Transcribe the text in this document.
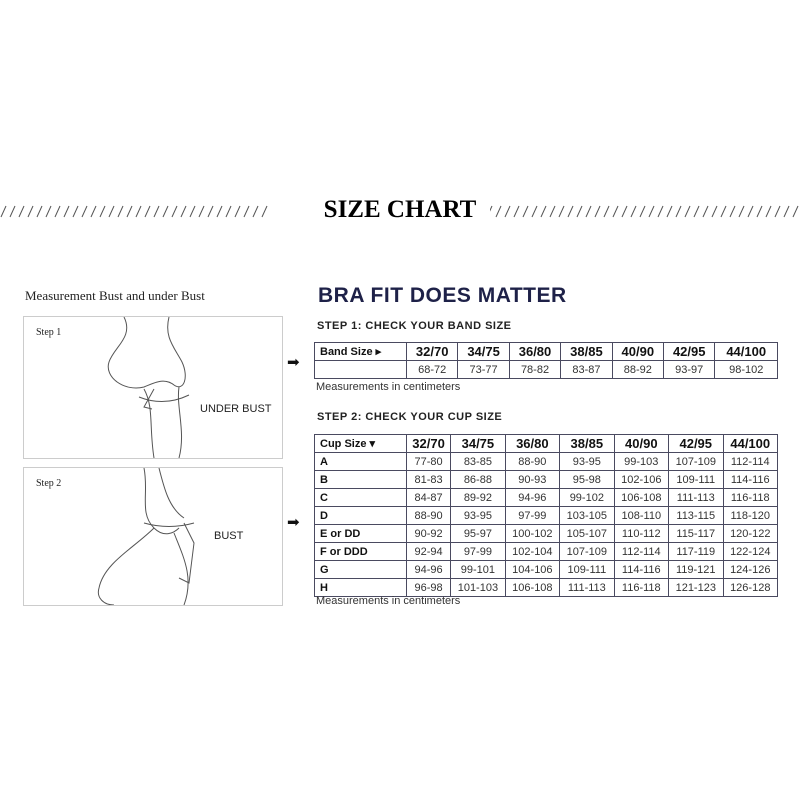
SIZE CHART
Measurement Bust and under Bust
Step 1
UNDER BUST
Step 2
BUST
➡
➡
BRA FIT DOES MATTER
STEP 1: CHECK YOUR BAND SIZE
Band Size ▸	32/70	34/75	36/80	38/85	40/90	42/95	44/100
	68-72	73-77	78-82	83-87	88-92	93-97	98-102
Measurements in centimeters
STEP 2: CHECK YOUR CUP SIZE
Cup Size ▾	32/70	34/75	36/80	38/85	40/90	42/95	44/100
A	77-80	83-85	88-90	93-95	99-103	107-109	112-114
B	81-83	86-88	90-93	95-98	102-106	109-111	114-116
C	84-87	89-92	94-96	99-102	106-108	111-113	116-118
D	88-90	93-95	97-99	103-105	108-110	113-115	118-120
E or DD	90-92	95-97	100-102	105-107	110-112	115-117	120-122
F or DDD	92-94	97-99	102-104	107-109	112-114	117-119	122-124
G	94-96	99-101	104-106	109-111	114-116	119-121	124-126
H	96-98	101-103	106-108	111-113	116-118	121-123	126-128
Measurements in centimeters
